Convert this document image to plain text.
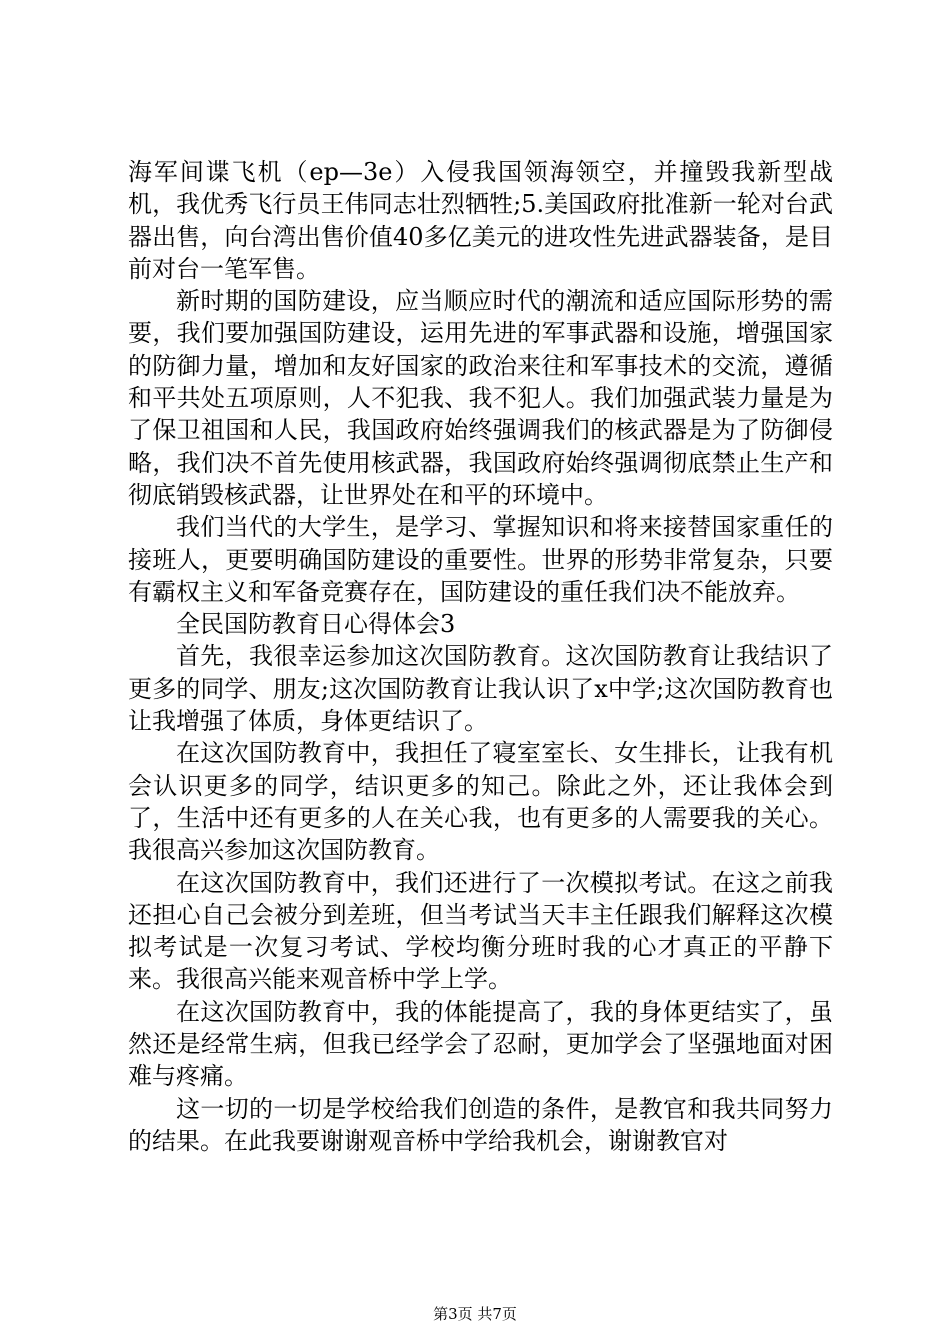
海军间谍飞机（ep—3e）入侵我国领海领空，并撞毁我新型战机，我优秀飞行员王伟同志壮烈牺牲;5.美国政府批准新一轮对台武器出售，向台湾出售价值40多亿美元的进攻性先进武器装备，是目前对台一笔军售。

新时期的国防建设，应当顺应时代的潮流和适应国际形势的需要，我们要加强国防建设，运用先进的军事武器和设施，增强国家的防御力量，增加和友好国家的政治来往和军事技术的交流，遵循和平共处五项原则，人不犯我、我不犯人。我们加强武装力量是为了保卫祖国和人民，我国政府始终强调我们的核武器是为了防御侵略，我们决不首先使用核武器，我国政府始终强调彻底禁止生产和彻底销毁核武器，让世界处在和平的环境中。

我们当代的大学生，是学习、掌握知识和将来接替国家重任的接班人，更要明确国防建设的重要性。世界的形势非常复杂，只要有霸权主义和军备竞赛存在，国防建设的重任我们决不能放弃。

全民国防教育日心得体会3

首先，我很幸运参加这次国防教育。这次国防教育让我结识了更多的同学、朋友;这次国防教育让我认识了x中学;这次国防教育也让我增强了体质，身体更结识了。

在这次国防教育中，我担任了寝室室长、女生排长，让我有机会认识更多的同学，结识更多的知己。除此之外，还让我体会到了，生活中还有更多的人在关心我，也有更多的人需要我的关心。我很高兴参加这次国防教育。

在这次国防教育中，我们还进行了一次模拟考试。在这之前我还担心自己会被分到差班，但当考试当天丰主任跟我们解释这次模拟考试是一次复习考试、学校均衡分班时我的心才真正的平静下来。我很高兴能来观音桥中学上学。

在这次国防教育中，我的体能提高了，我的身体更结实了，虽然还是经常生病，但我已经学会了忍耐，更加学会了坚强地面对困难与疼痛。

这一切的一切是学校给我们创造的条件，是教官和我共同努力的结果。在此我要谢谢观音桥中学给我机会，谢谢教官对

第3页 共7页
